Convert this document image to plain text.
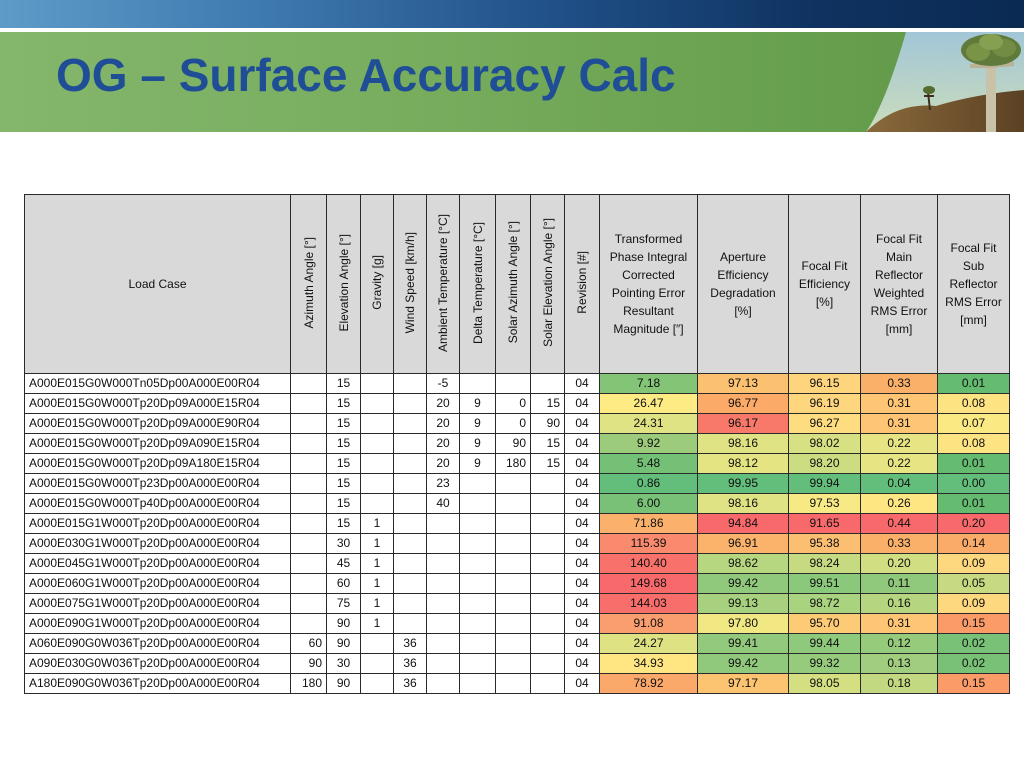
OG – Surface Accuracy Calc
Load Case	Azimuth Angle [°]	Elevation Angle [°]	Gravity [g]	Wind Speed [km/h]	Ambient Temperature [°C]	Delta Temperature [°C]	Solar Azimuth Angle [°]	Solar Elevation Angle [°]	Revision [#]	Transformed Phase Integral Corrected Pointing Error Resultant Magnitude [″]	Aperture Efficiency Degradation [%]	Focal Fit Efficiency [%]	Focal Fit Main Reflector Weighted RMS Error [mm]	Focal Fit Sub Reflector RMS Error [mm]
A000E015G0W000Tn05Dp00A000E00R04		15			-5				04	7.18	97.13	96.15	0.33	0.01
A000E015G0W000Tp20Dp09A000E15R04		15			20	9	0	15	04	26.47	96.77	96.19	0.31	0.08
A000E015G0W000Tp20Dp09A000E90R04		15			20	9	0	90	04	24.31	96.17	96.27	0.31	0.07
A000E015G0W000Tp20Dp09A090E15R04		15			20	9	90	15	04	9.92	98.16	98.02	0.22	0.08
A000E015G0W000Tp20Dp09A180E15R04		15			20	9	180	15	04	5.48	98.12	98.20	0.22	0.01
A000E015G0W000Tp23Dp00A000E00R04		15			23				04	0.86	99.95	99.94	0.04	0.00
A000E015G0W000Tp40Dp00A000E00R04		15			40				04	6.00	98.16	97.53	0.26	0.01
A000E015G1W000Tp20Dp00A000E00R04		15	1						04	71.86	94.84	91.65	0.44	0.20
A000E030G1W000Tp20Dp00A000E00R04		30	1						04	115.39	96.91	95.38	0.33	0.14
A000E045G1W000Tp20Dp00A000E00R04		45	1						04	140.40	98.62	98.24	0.20	0.09
A000E060G1W000Tp20Dp00A000E00R04		60	1						04	149.68	99.42	99.51	0.11	0.05
A000E075G1W000Tp20Dp00A000E00R04		75	1						04	144.03	99.13	98.72	0.16	0.09
A000E090G1W000Tp20Dp00A000E00R04		90	1						04	91.08	97.80	95.70	0.31	0.15
A060E090G0W036Tp20Dp00A000E00R04	60	90		36					04	24.27	99.41	99.44	0.12	0.02
A090E030G0W036Tp20Dp00A000E00R04	90	30		36					04	34.93	99.42	99.32	0.13	0.02
A180E090G0W036Tp20Dp00A000E00R04	180	90		36					04	78.92	97.17	98.05	0.18	0.15
